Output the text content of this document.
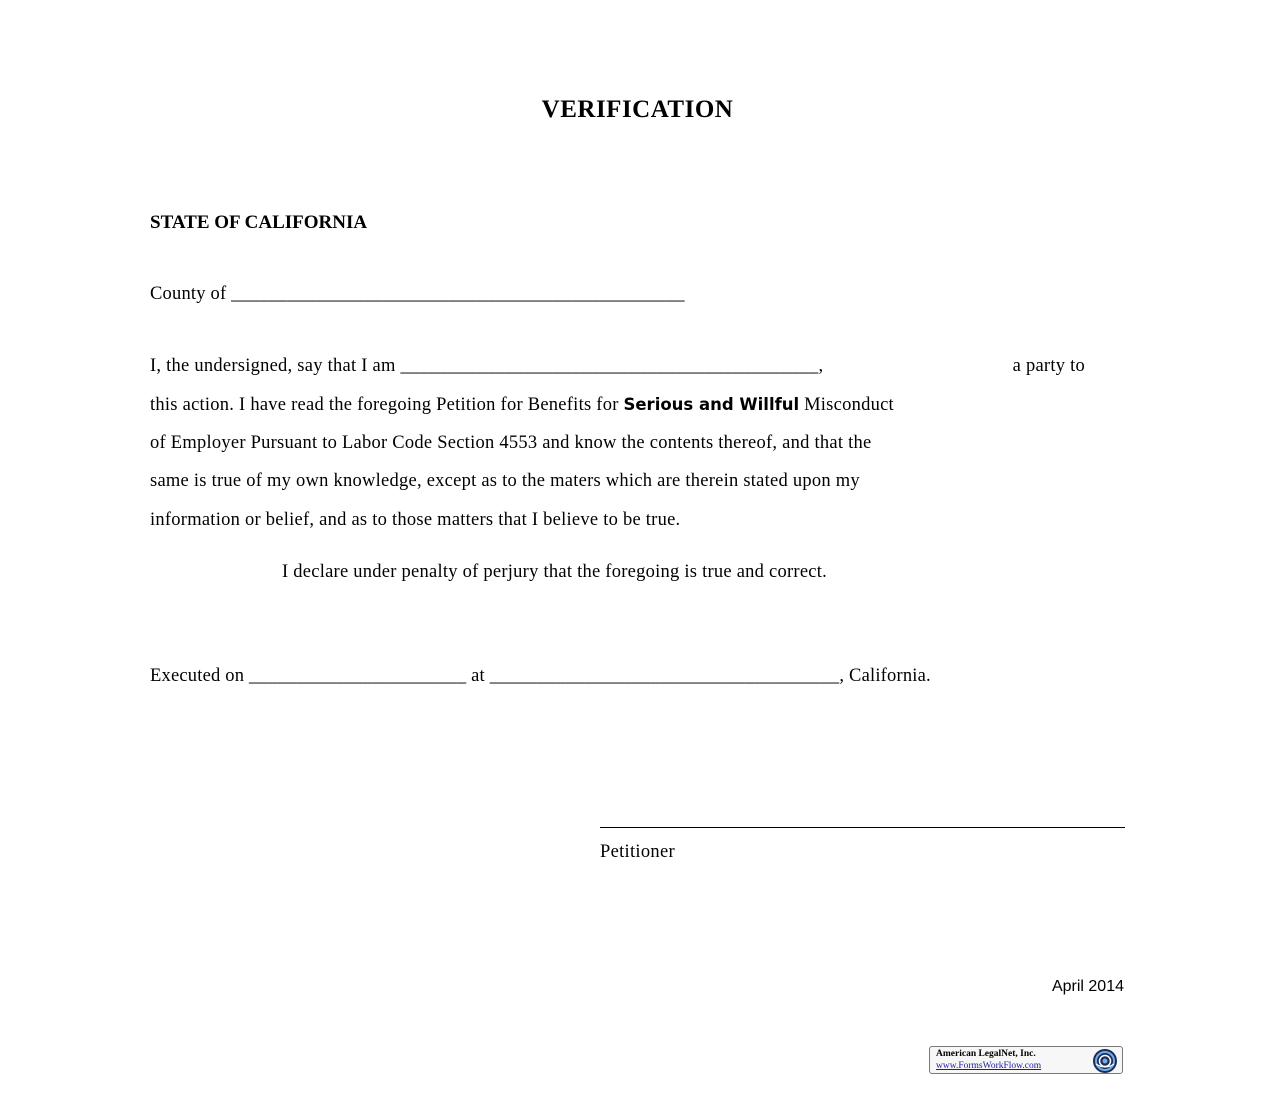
VERIFICATION
STATE OF CALIFORNIA
County of ________________________________________________
I, the undersigned, say that I am ____________________________________________,	a party to
this action. I have read the foregoing Petition for Benefits for Serious and Willful Misconduct
of Employer Pursuant to Labor Code Section 4553 and know the contents thereof, and that the
same is true of my own knowledge, except as to the maters which are therein stated upon my
information or belief, and as to those matters that I believe to be true.
I declare under penalty of perjury that the foregoing is true and correct.
Executed on _______________________ at _____________________________________, California.
Petitioner
April 2014
American LegalNet, Inc.
www.FormsWorkFlow.com
